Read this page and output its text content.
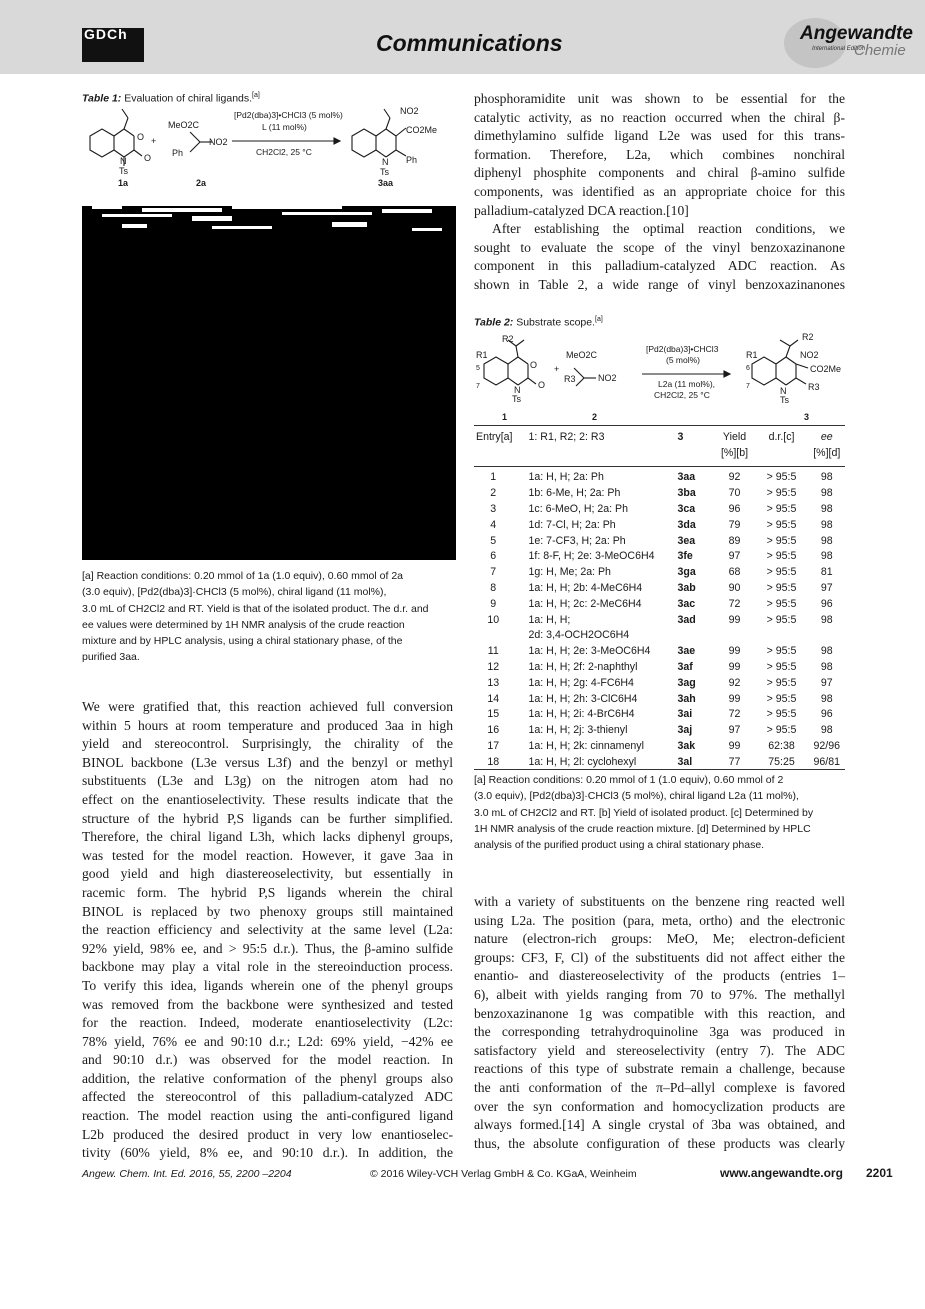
GDCh	Communications	Angewandte
International Edition
Chemie
Table 1: Evaluation of chiral ligands.[a]
O
O
N
Ts
1a
+
MeO2C
Ph
NO2
2a
[Pd2(dba)3]•CHCl3 (5 mol%)
L (11 mol%)
CH2Cl2, 25 °C
NO2
CO2Me
N Ph
Ts
3aa
[a] Reaction conditions: 0.20 mmol of 1a (1.0 equiv), 0.60 mmol of 2a
(3.0 equiv), [Pd2(dba)3]·CHCl3 (5 mol%), chiral ligand (11 mol%),
3.0 mL of CH2Cl2 and RT. Yield is that of the isolated product. The d.r. and
ee values were determined by 1H NMR analysis of the crude reaction
mixture and by HPLC analysis, using a chiral stationary phase, of the
purified 3aa.
We were gratified that, this reaction achieved full conversion
within 5 hours at room temperature and produced 3aa in high
yield and stereocontrol. Surprisingly, the chirality of the
BINOL backbone (L3e versus L3f) and the benzyl or methyl
substituents (L3e and L3g) on the nitrogen atom had no
effect on the enantioselectivity. These results indicate that the
structure of the hybrid P,S ligands can be further simplified.
Therefore, the chiral ligand L3h, which lacks diphenyl groups,
was tested for the model reaction. However, it gave 3aa in
good yield and high diastereoselectivity, but essentially in
racemic form. The hybrid P,S ligands wherein the chiral
BINOL is replaced by two phenoxy groups still maintained
the reaction efficiency and selectivity at the same level (L2a:
92% yield, 98% ee, and > 95:5 d.r.). Thus, the β-amino sulfide
backbone may play a vital role in the stereoinduction process.
To verify this idea, ligands wherein one of the phenyl groups
was removed from the backbone were synthesized and tested
for the reaction. Indeed, moderate enantioselectivity (L2c:
78% yield, 76% ee and 90:10 d.r.; L2d: 69% yield, −42% ee
and 90:10 d.r.) was observed for the model reaction. In
addition, the relative conformation of the phenyl groups also
affected the stereocontrol of this palladium-catalyzed ADC
reaction. The model reaction using the anti-configured ligand
L2b produced the desired product in very low enantioselec-
tivity (60% yield, 8% ee, and 90:10 d.r.). In addition, the
phosphoramidite unit was shown to be essential for the
catalytic activity, as no reaction occurred when the chiral β-
dimethylamino sulfide ligand L2e was used for this trans-
formation. Therefore, L2a, which combines nonchiral
diphenyl phosphite components and chiral β-amino sulfide
components, was identified as an appropriate choice for this
palladium-catalyzed DCA reaction.[10]
After establishing the optimal reaction conditions, we
sought to evaluate the scope of the vinyl benzoxazinanone
component in this palladium-catalyzed ADC reaction. As
shown in Table 2, a wide range of vinyl benzoxazinanones
Table 2: Substrate scope.[a]
R2
R1
5
7
O
O
N
Ts
1
+
MeO2C
R3 NO2
2
[Pd2(dba)3]•CHCl3
(5 mol%)
L2a (11 mol%),
CH2Cl2, 25 °C
R1
R2
NO2
CO2Me
N R3
Ts
6
7
3
Entry[a]	1: R1, R2; 2: R3	3	Yield	d.r.[c]	ee
			[%][b]		[%][d]

1	1a: H, H; 2a: Ph	3aa	92	> 95:5	98
2	1b: 6-Me, H; 2a: Ph	3ba	70	> 95:5	98
3	1c: 6-MeO, H; 2a: Ph	3ca	96	> 95:5	98
4	1d: 7-Cl, H; 2a: Ph	3da	79	> 95:5	98
5	1e: 7-CF3, H; 2a: Ph	3ea	89	> 95:5	98
6	1f: 8-F, H; 2e: 3-MeOC6H4	3fe	97	> 95:5	98
7	1g: H, Me; 2a: Ph	3ga	68	> 95:5	81
8	1a: H, H; 2b: 4-MeC6H4	3ab	90	> 95:5	97
9	1a: H, H; 2c: 2-MeC6H4	3ac	72	> 95:5	96
10	1a: H, H;	3ad	99	> 95:5	98
	2d: 3,4-OCH2OC6H4				
11	1a: H, H; 2e: 3-MeOC6H4	3ae	99	> 95:5	98
12	1a: H, H; 2f: 2-naphthyl	3af	99	> 95:5	98
13	1a: H, H; 2g: 4-FC6H4	3ag	92	> 95:5	97
14	1a: H, H; 2h: 3-ClC6H4	3ah	99	> 95:5	98
15	1a: H, H; 2i: 4-BrC6H4	3ai	72	> 95:5	96
16	1a: H, H; 2j: 3-thienyl	3aj	97	> 95:5	98
17	1a: H, H; 2k: cinnamenyl	3ak	99	62:38	92/96
18	1a: H, H; 2l: cyclohexyl	3al	77	75:25	96/81
[a] Reaction conditions: 0.20 mmol of 1 (1.0 equiv), 0.60 mmol of 2
(3.0 equiv), [Pd2(dba)3]·CHCl3 (5 mol%), chiral ligand L2a (11 mol%),
3.0 mL of CH2Cl2 and RT. [b] Yield of isolated product. [c] Determined by
1H NMR analysis of the crude reaction mixture. [d] Determined by HPLC
analysis of the purified product using a chiral stationary phase.
with a variety of substituents on the benzene ring reacted well
using L2a. The position (para, meta, ortho) and the electronic
nature (electron-rich groups: MeO, Me; electron-deficient
groups: CF3, F, Cl) of the substituents did not affect either the
enantio- and diastereoselectivity of the products (entries 1–
6), albeit with yields ranging from 70 to 97%. The methallyl
benzoxazinanone 1g was compatible with this reaction, and
the corresponding tetrahydroquinoline 3ga was produced in
satisfactory yield and stereoselectivity (entry 7). The ADC
reactions of this type of substrate remain a challenge, because
the anti conformation of the π–Pd–allyl complexe is favored
over the syn conformation and homocyclization products are
always formed.[14] A single crystal of 3ba was obtained, and
thus, the absolute configuration of these products was clearly
Angew. Chem. Int. Ed. 2016, 55, 2200 –2204	© 2016 Wiley-VCH Verlag GmbH & Co. KGaA, Weinheim	www.angewandte.org 2201
